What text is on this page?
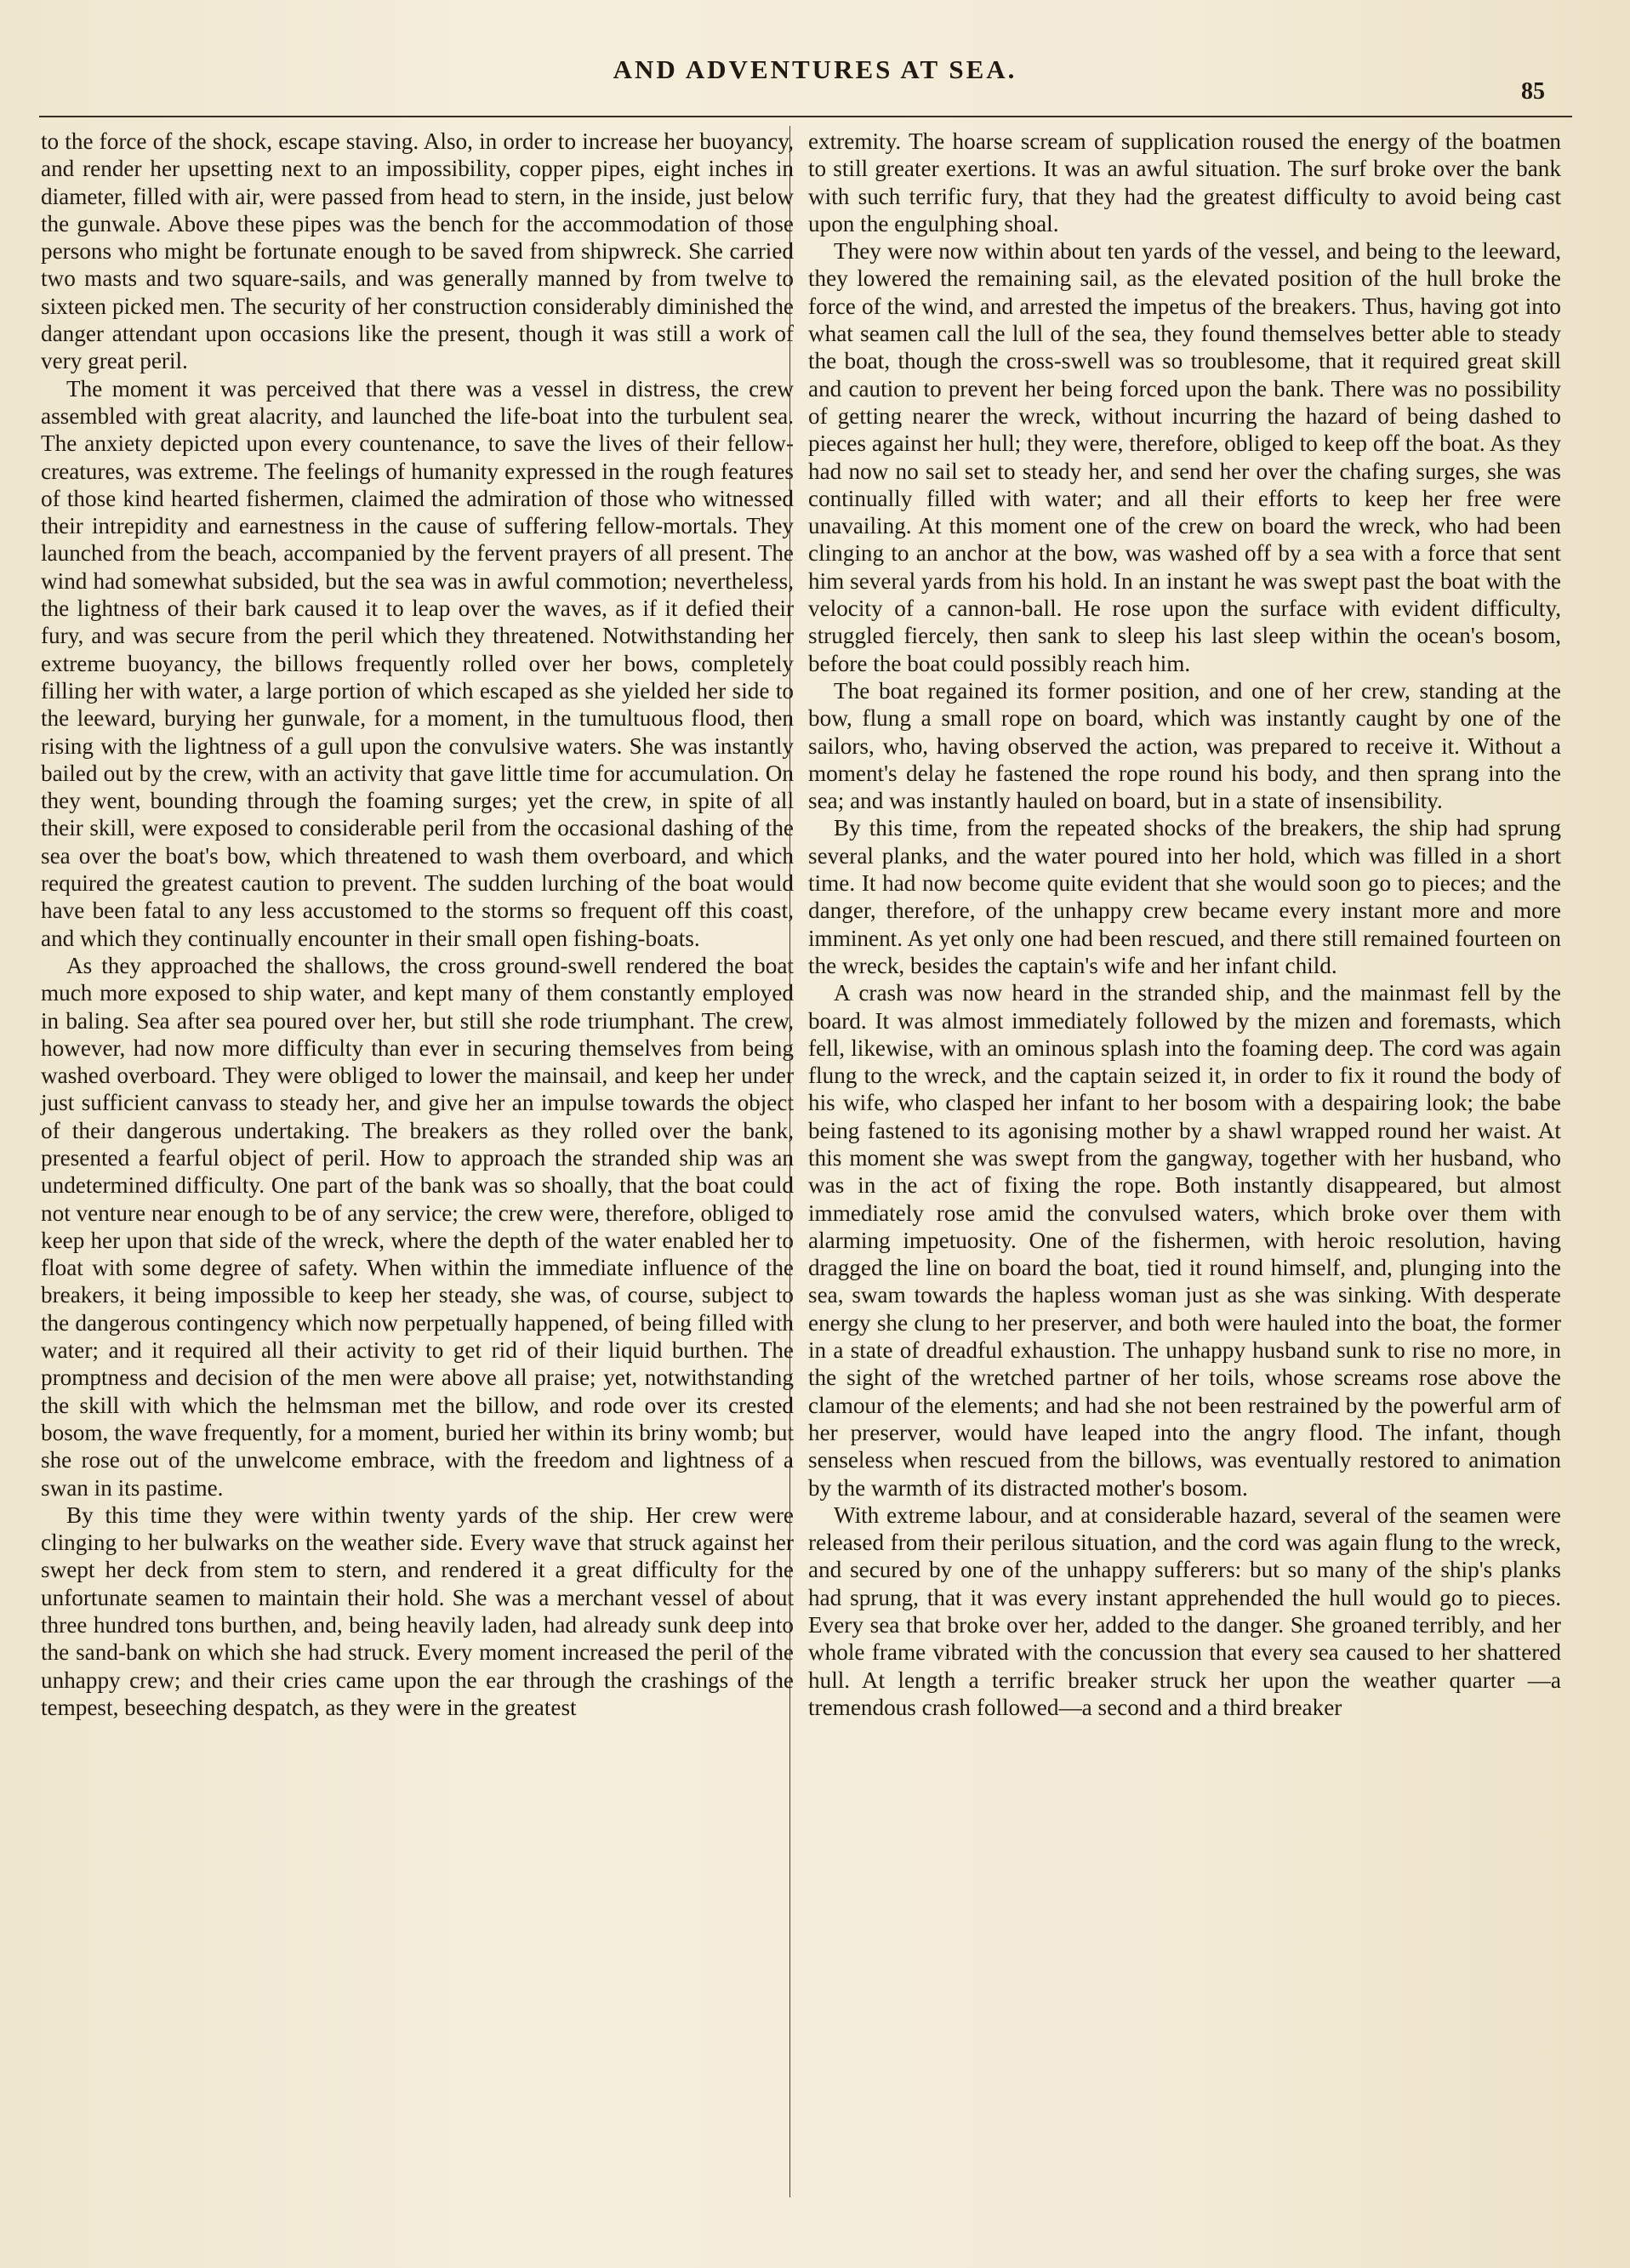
AND ADVENTURES AT SEA.
85

to the force of the shock, escape staving. Also, in order to increase her buoyancy, and render her upsetting next to an impossibility, copper pipes, eight inches in diameter, filled with air, were passed from head to stern, in the inside, just below the gunwale. Above these pipes was the bench for the accommodation of those persons who might be fortunate enough to be saved from shipwreck. She carried two masts and two square-sails, and was generally manned by from twelve to sixteen picked men. The security of her construction considerably diminished the danger attendant upon occasions like the present, though it was still a work of very great peril.

The moment it was perceived that there was a vessel in distress, the crew assembled with great alacrity, and launched the life-boat into the turbulent sea. The anxiety depicted upon every countenance, to save the lives of their fellow-creatures, was extreme. The feelings of humanity expressed in the rough features of those kind hearted fishermen, claimed the admiration of those who witnessed their intrepidity and earnestness in the cause of suffering fellow-mortals. They launched from the beach, accompanied by the fervent prayers of all present. The wind had somewhat subsided, but the sea was in awful commotion; nevertheless, the lightness of their bark caused it to leap over the waves, as if it defied their fury, and was secure from the peril which they threatened. Notwithstanding her extreme buoyancy, the billows frequently rolled over her bows, completely filling her with water, a large portion of which escaped as she yielded her side to the leeward, burying her gunwale, for a moment, in the tumultuous flood, then rising with the lightness of a gull upon the convulsive waters. She was instantly bailed out by the crew, with an activity that gave little time for accumulation. On they went, bounding through the foaming surges; yet the crew, in spite of all their skill, were exposed to considerable peril from the occasional dashing of the sea over the boat's bow, which threatened to wash them overboard, and which required the greatest caution to prevent. The sudden lurching of the boat would have been fatal to any less accustomed to the storms so frequent off this coast, and which they continually encounter in their small open fishing-boats.

As they approached the shallows, the cross ground-swell rendered the boat much more exposed to ship water, and kept many of them constantly employed in baling. Sea after sea poured over her, but still she rode triumphant. The crew, however, had now more difficulty than ever in securing themselves from being washed overboard. They were obliged to lower the mainsail, and keep her under just sufficient canvass to steady her, and give her an impulse towards the object of their dangerous undertaking. The breakers as they rolled over the bank, presented a fearful object of peril. How to approach the stranded ship was an undetermined difficulty. One part of the bank was so shoally, that the boat could not venture near enough to be of any service; the crew were, therefore, obliged to keep her upon that side of the wreck, where the depth of the water enabled her to float with some degree of safety. When within the immediate influence of the breakers, it being impossible to keep her steady, she was, of course, subject to the dangerous contingency which now perpetually happened, of being filled with water; and it required all their activity to get rid of their liquid burthen. The promptness and decision of the men were above all praise; yet, notwithstanding the skill with which the helmsman met the billow, and rode over its crested bosom, the wave frequently, for a moment, buried her within its briny womb; but she rose out of the unwelcome embrace, with the freedom and lightness of a swan in its pastime.

By this time they were within twenty yards of the ship. Her crew were clinging to her bulwarks on the weather side. Every wave that struck against her swept her deck from stem to stern, and rendered it a great difficulty for the unfortunate seamen to maintain their hold. She was a merchant vessel of about three hundred tons burthen, and, being heavily laden, had already sunk deep into the sand-bank on which she had struck. Every moment increased the peril of the unhappy crew; and their cries came upon the ear through the crashings of the tempest, beseeching despatch, as they were in the greatest

extremity. The hoarse scream of supplication roused the energy of the boatmen to still greater exertions. It was an awful situation. The surf broke over the bank with such terrific fury, that they had the greatest difficulty to avoid being cast upon the engulphing shoal.

They were now within about ten yards of the vessel, and being to the leeward, they lowered the remaining sail, as the elevated position of the hull broke the force of the wind, and arrested the impetus of the breakers. Thus, having got into what seamen call the lull of the sea, they found themselves better able to steady the boat, though the cross-swell was so troublesome, that it required great skill and caution to prevent her being forced upon the bank. There was no possibility of getting nearer the wreck, without incurring the hazard of being dashed to pieces against her hull; they were, therefore, obliged to keep off the boat. As they had now no sail set to steady her, and send her over the chafing surges, she was continually filled with water; and all their efforts to keep her free were unavailing. At this moment one of the crew on board the wreck, who had been clinging to an anchor at the bow, was washed off by a sea with a force that sent him several yards from his hold. In an instant he was swept past the boat with the velocity of a cannon-ball. He rose upon the surface with evident difficulty, struggled fiercely, then sank to sleep his last sleep within the ocean's bosom, before the boat could possibly reach him.

The boat regained its former position, and one of her crew, standing at the bow, flung a small rope on board, which was instantly caught by one of the sailors, who, having observed the action, was prepared to receive it. Without a moment's delay he fastened the rope round his body, and then sprang into the sea; and was instantly hauled on board, but in a state of insensibility.

By this time, from the repeated shocks of the breakers, the ship had sprung several planks, and the water poured into her hold, which was filled in a short time. It had now become quite evident that she would soon go to pieces; and the danger, therefore, of the unhappy crew became every instant more and more imminent. As yet only one had been rescued, and there still remained fourteen on the wreck, besides the captain's wife and her infant child.

A crash was now heard in the stranded ship, and the mainmast fell by the board. It was almost immediately followed by the mizen and foremasts, which fell, likewise, with an ominous splash into the foaming deep. The cord was again flung to the wreck, and the captain seized it, in order to fix it round the body of his wife, who clasped her infant to her bosom with a despairing look; the babe being fastened to its agonising mother by a shawl wrapped round her waist. At this moment she was swept from the gangway, together with her husband, who was in the act of fixing the rope. Both instantly disappeared, but almost immediately rose amid the convulsed waters, which broke over them with alarming impetuosity. One of the fishermen, with heroic resolution, having dragged the line on board the boat, tied it round himself, and, plunging into the sea, swam towards the hapless woman just as she was sinking. With desperate energy she clung to her preserver, and both were hauled into the boat, the former in a state of dreadful exhaustion. The unhappy husband sunk to rise no more, in the sight of the wretched partner of her toils, whose screams rose above the clamour of the elements; and had she not been restrained by the powerful arm of her preserver, would have leaped into the angry flood. The infant, though senseless when rescued from the billows, was eventually restored to animation by the warmth of its distracted mother's bosom.

With extreme labour, and at considerable hazard, several of the seamen were released from their perilous situation, and the cord was again flung to the wreck, and secured by one of the unhappy sufferers: but so many of the ship's planks had sprung, that it was every instant apprehended the hull would go to pieces. Every sea that broke over her, added to the danger. She groaned terribly, and her whole frame vibrated with the concussion that every sea caused to her shattered hull. At length a terrific breaker struck her upon the weather quarter —a tremendous crash followed—a second and a third breaker
